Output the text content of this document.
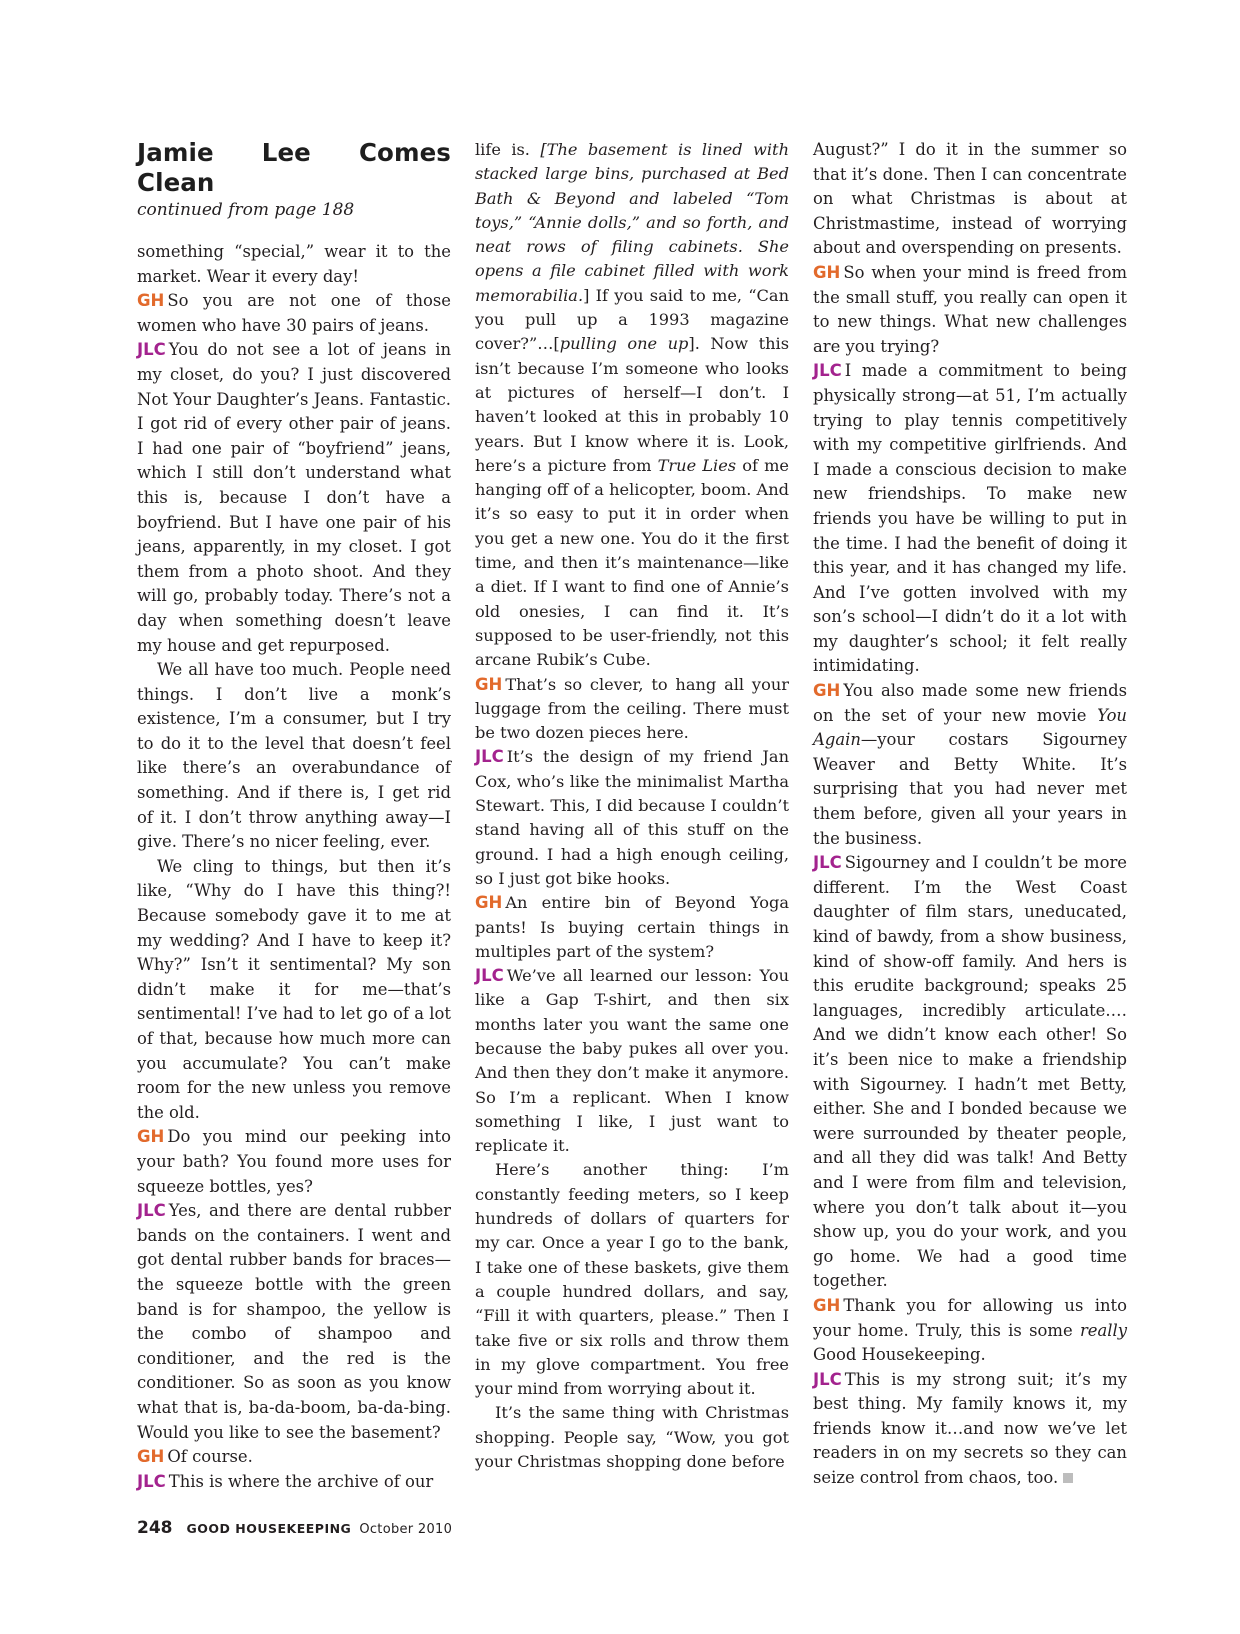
Jamie Lee Comes Clean

continued from page 188

something “special,” wear it to the market. Wear it every day!

GH So you are not one of those women who have 30 pairs of jeans.

JLC You do not see a lot of jeans in my closet, do you? I just discovered Not Your Daughter’s Jeans. Fantastic. I got rid of every other pair of jeans. I had one pair of “boyfriend” jeans, which I still don’t understand what this is, because I don’t have a boyfriend. But I have one pair of his jeans, apparently, in my closet. I got them from a photo shoot. And they will go, probably today. There’s not a day when something doesn’t leave my house and get repurposed.

We all have too much. People need things. I don’t live a monk’s existence, I’m a consumer, but I try to do it to the level that doesn’t feel like there’s an overabundance of something. And if there is, I get rid of it. I don’t throw anything away—I give. There’s no nicer feeling, ever.

We cling to things, but then it’s like, “Why do I have this thing?! Because somebody gave it to me at my wedding? And I have to keep it? Why?” Isn’t it sentimental? My son didn’t make it for me—that’s sentimental! I’ve had to let go of a lot of that, because how much more can you accumulate? You can’t make room for the new unless you remove the old.

GH Do you mind our peeking into your bath? You found more uses for squeeze bottles, yes?

JLC Yes, and there are dental rubber bands on the containers. I went and got dental rubber bands for braces—the squeeze bottle with the green band is for shampoo, the yellow is the combo of shampoo and conditioner, and the red is the conditioner. So as soon as you know what that is, ba-da-boom, ba-da-bing. Would you like to see the basement?

GH Of course.

JLC This is where the archive of our

life is. [The basement is lined with stacked large bins, purchased at Bed Bath & Beyond and labeled “Tom toys,” “Annie dolls,” and so forth, and neat rows of filing cabinets. She opens a file cabinet filled with work memorabilia.] If you said to me, “Can you pull up a 1993 magazine cover?”…[pulling one up]. Now this isn’t because I’m someone who looks at pictures of herself—I don’t. I haven’t looked at this in probably 10 years. But I know where it is. Look, here’s a picture from True Lies of me hanging off of a helicopter, boom. And it’s so easy to put it in order when you get a new one. You do it the first time, and then it’s maintenance—like a diet. If I want to find one of Annie’s old onesies, I can find it. It’s supposed to be user-friendly, not this arcane Rubik’s Cube.

GH That’s so clever, to hang all your luggage from the ceiling. There must be two dozen pieces here.

JLC It’s the design of my friend Jan Cox, who’s like the minimalist Martha Stewart. This, I did because I couldn’t stand having all of this stuff on the ground. I had a high enough ceiling, so I just got bike hooks.

GH An entire bin of Beyond Yoga pants! Is buying certain things in multiples part of the system?

JLC We’ve all learned our lesson: You like a Gap T-shirt, and then six months later you want the same one because the baby pukes all over you. And then they don’t make it anymore. So I’m a replicant. When I know something I like, I just want to replicate it.

Here’s another thing: I’m constantly feeding meters, so I keep hundreds of dollars of quarters for my car. Once a year I go to the bank, I take one of these baskets, give them a couple hundred dollars, and say, “Fill it with quarters, please.” Then I take five or six rolls and throw them in my glove compartment. You free your mind from worrying about it.

It’s the same thing with Christmas shopping. People say, “Wow, you got your Christmas shopping done before

August?” I do it in the summer so that it’s done. Then I can concentrate on what Christmas is about at Christmastime, instead of worrying about and overspending on presents.

GH So when your mind is freed from the small stuff, you really can open it to new things. What new challenges are you trying?

JLC I made a commitment to being physically strong—at 51, I’m actually trying to play tennis competitively with my competitive girlfriends. And I made a conscious decision to make new friendships. To make new friends you have be willing to put in the time. I had the benefit of doing it this year, and it has changed my life. And I’ve gotten involved with my son’s school—I didn’t do it a lot with my daughter’s school; it felt really intimidating.

GH You also made some new friends on the set of your new movie You Again—your costars Sigourney Weaver and Betty White. It’s surprising that you had never met them before, given all your years in the business.

JLC Sigourney and I couldn’t be more different. I’m the West Coast daughter of film stars, uneducated, kind of bawdy, from a show business, kind of show-off family. And hers is this erudite background; speaks 25 languages, incredibly articulate.… And we didn’t know each other! So it’s been nice to make a friendship with Sigourney. I hadn’t met Betty, either. She and I bonded because we were surrounded by theater people, and all they did was talk! And Betty and I were from film and television, where you don’t talk about it—you show up, you do your work, and you go home. We had a good time together.

GH Thank you for allowing us into your home. Truly, this is some really Good Housekeeping.

JLC This is my strong suit; it’s my best thing. My family knows it, my friends know it…and now we’ve let readers in on my secrets so they can seize control from chaos, too.

248 GOOD HOUSEKEEPING October 2010
